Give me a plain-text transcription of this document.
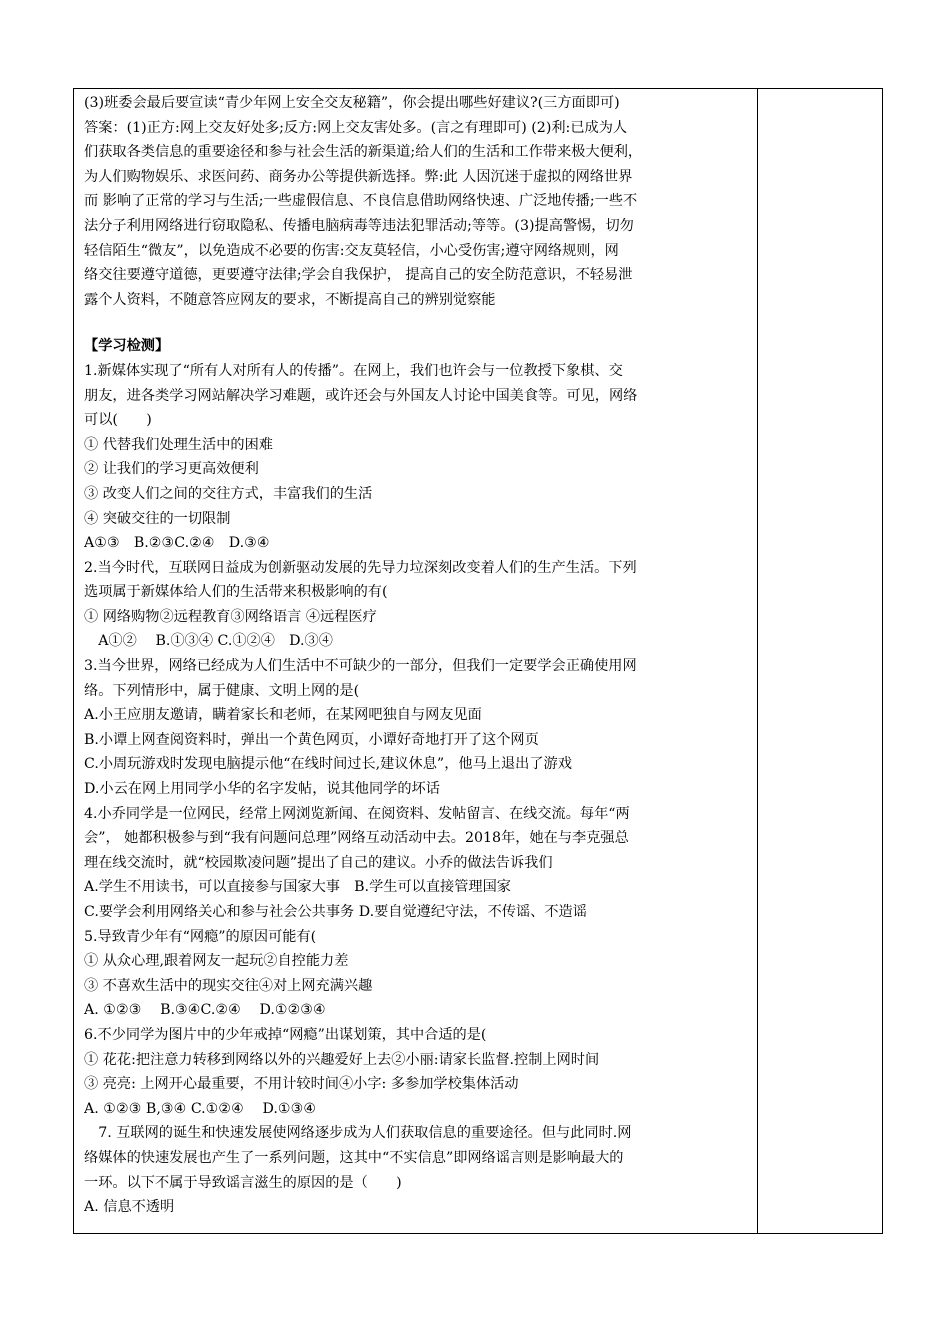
(3)班委会最后要宣读“青少年网上安全交友秘籍”，你会提出哪些好建议?(三方面即可)
答案：(1)正方:网上交友好处多;反方:网上交友害处多。(言之有理即可) (2)利:已成为人
们获取各类信息的重要途径和参与社会生活的新渠道;给人们的生活和工作带来极大便利，
为人们购物娱乐、求医问药、商务办公等提供新选择。弊:此 人因沉迷于虚拟的网络世界
而 影响了正常的学习与生活;一些虚假信息、不良信息借助网络快速、广泛地传播;一些不
法分子利用网络进行窃取隐私、传播电脑病毒等违法犯罪活动;等等。(3)提高警惕，切勿
轻信陌生“微友”，以免造成不必要的伤害:交友莫轻信，小心受伤害;遵守网络规则，网
络交往要遵守道德，更要遵守法律;学会自我保护， 提高自己的安全防范意识，不轻易泄
露个人资料，不随意答应网友的要求，不断提高自己的辨别觉察能
【学习检测】
1.新媒体实现了“所有人对所有人的传播”。在网上，我们也许会与一位教授下象棋、交
朋友，进各类学习网站解决学习难题，或许还会与外国友人讨论中国美食等。可见，网络
可以(　　)
① 代替我们处理生活中的困难
② 让我们的学习更高效便利
③ 改变人们之间的交往方式，丰富我们的生活
④ 突破交往的一切限制
A①③　B.②③C.②④　D.③④
2.当今时代，互联网日益成为创新驱动发展的先导力垃深刻改变着人们的生产生活。下列
选项属于新媒体给人们的生活带来积极影响的有(
① 网络购物②远程教育③网络语言 ④远程医疗
　A①②　 B.①③④ C.①②④　D.③④
3.当今世界，网络已经成为人们生活中不可缺少的一部分，但我们一定要学会正确使用网
络。下列情形中，属于健康、文明上网的是(
A.小王应朋友邀请，瞒着家长和老师，在某网吧独自与网友见面
B.小谭上网查阅资料时，弹出一个黄色网页，小谭好奇地打开了这个网页
C.小周玩游戏时发现电脑提示他“在线时间过长,建议休息”，他马上退出了游戏
D.小云在网上用同学小华的名字发帖，说其他同学的坏话
4.小乔同学是一位网民，经常上网浏览新闻、在阅资料、发帖留言、在线交流。每年“两
会”， 她都积极参与到“我有问题问总理”网络互动活动中去。2018年，她在与李克强总
理在线交流时，就“校园欺凌问题”提出了自己的建议。小乔的做法告诉我们
A.学生不用读书，可以直接参与国家大事　B.学生可以直接管理国家
C.要学会利用网络关心和参与社会公共事务 D.要自觉遵纪守法，不传谣、不造谣
5.导致青少年有“网瘾”的原因可能有(
① 从众心理,跟着网友一起玩②自控能力差
③ 不喜欢生活中的现实交往④对上网充满兴趣
A. ①②③　 B.③④C.②④　 D.①②③④
6.不少同学为图片中的少年戒掉“网瘾”出谋划策，其中合适的是(
① 花花:把注意力转移到网络以外的兴趣爱好上去②小丽:请家长监督.控制上网时间
③ 亮亮: 上网开心最重要，不用计较时间④小字: 多参加学校集体活动
A. ①②③ B,③④ C.①②④　 D.①③④
　7. 互联网的诞生和快速发展使网络逐步成为人们获取信息的重要途径。但与此同时.网
络媒体的快速发展也产生了一系列问题，这其中“不实信息”即网络谣言则是影响最大的
一环。以下不属于导致谣言滋生的原因的是（　　)
A. 信息不透明
